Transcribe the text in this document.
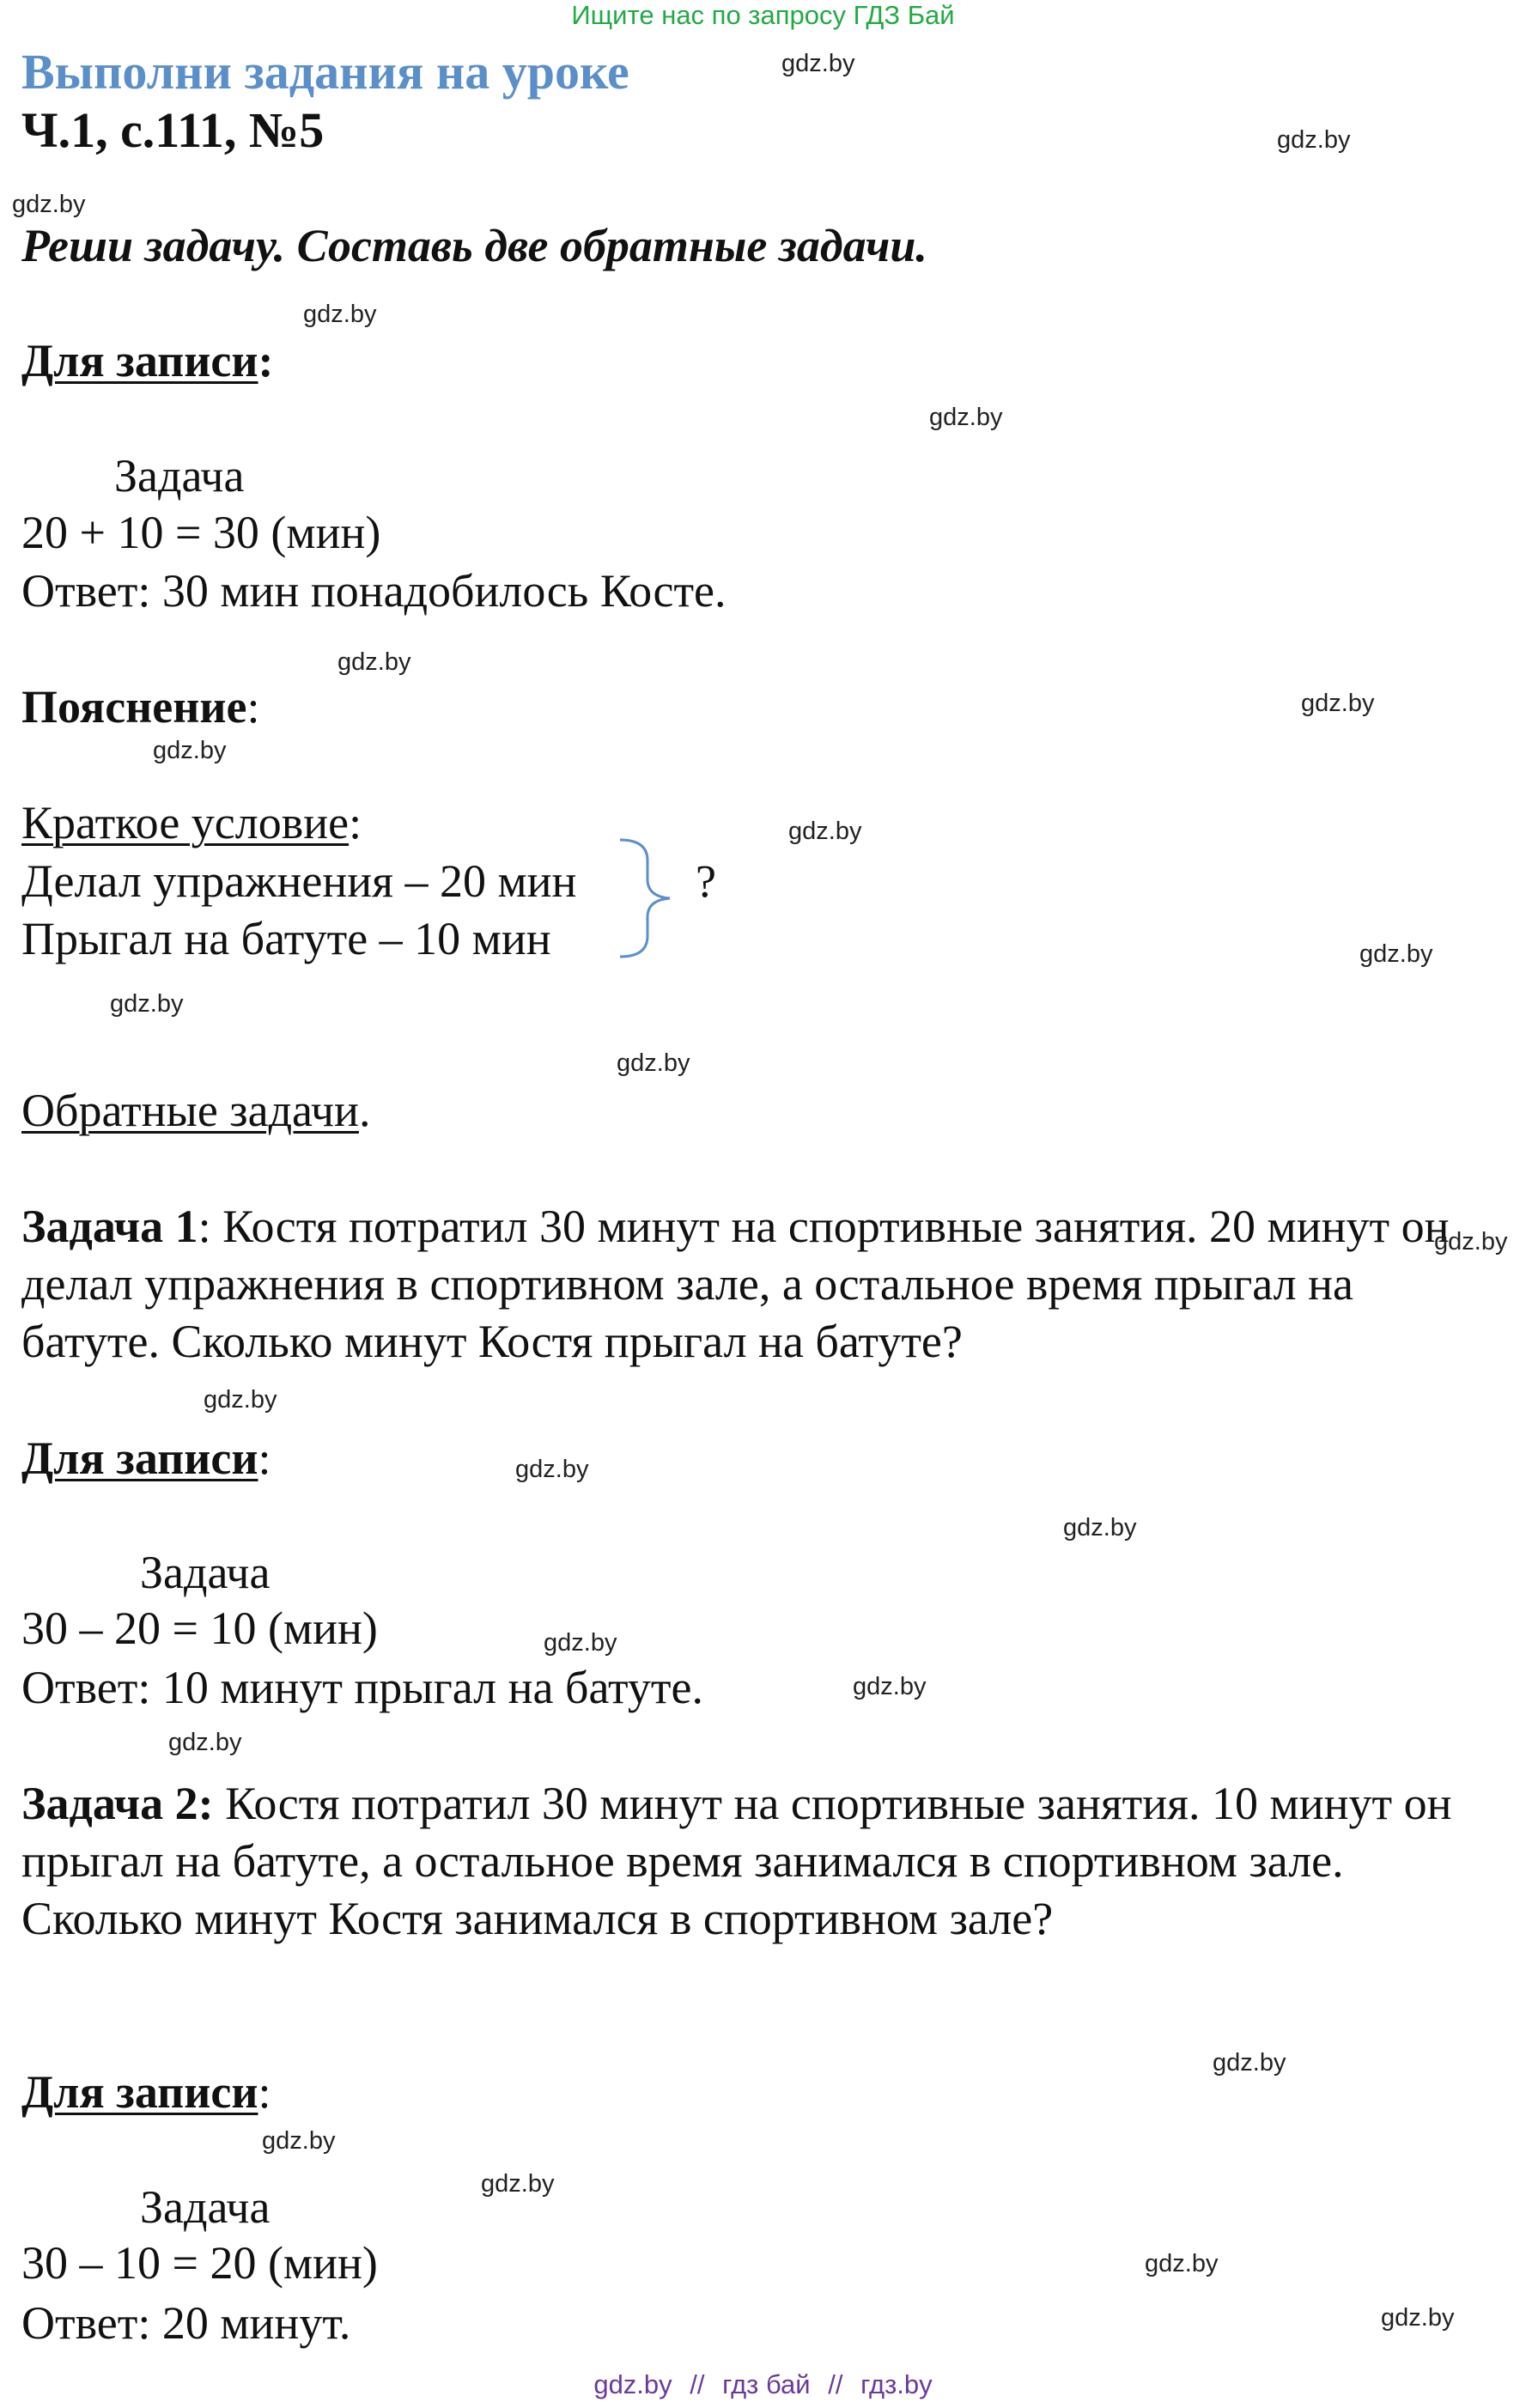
Ищите нас по запросу ГДЗ Бай
Выполни задания на уроке
Ч.1, с.111, №5
Реши задачу. Составь две обратные задачи.
Для записи:
Задача
20 + 10 = 30 (мин)
Ответ: 30 мин понадобилось Косте.
Пояснение:
Краткое условие:
Делал упражнения – 20 мин
Прыгал на батуте – 10 мин
?
Обратные задачи.
Задача 1: Костя потратил 30 минут на спортивные занятия. 20 минут он делал упражнения в спортивном зале, а остальное время прыгал на батуте. Сколько минут Костя прыгал на батуте?
Для записи:
Задача
30 – 20 = 10 (мин)
Ответ: 10 минут прыгал на батуте.
Задача 2: Костя потратил 30 минут на спортивные занятия. 10 минут он прыгал на батуте, а остальное время занимался в спортивном зале. Сколько минут Костя занимался в спортивном зале?
Для записи:
Задача
30 – 10 = 20 (мин)
Ответ: 20 минут.
gdz.by
gdz.by
gdz.by
gdz.by
gdz.by
gdz.by
gdz.by
gdz.by
gdz.by
gdz.by
gdz.by
gdz.by
gdz.by
gdz.by
gdz.by
gdz.by
gdz.by
gdz.by
gdz.by
gdz.by
gdz.by
gdz.by
gdz.by
gdz.by
gdz.by // гдз бай // гдз.by
